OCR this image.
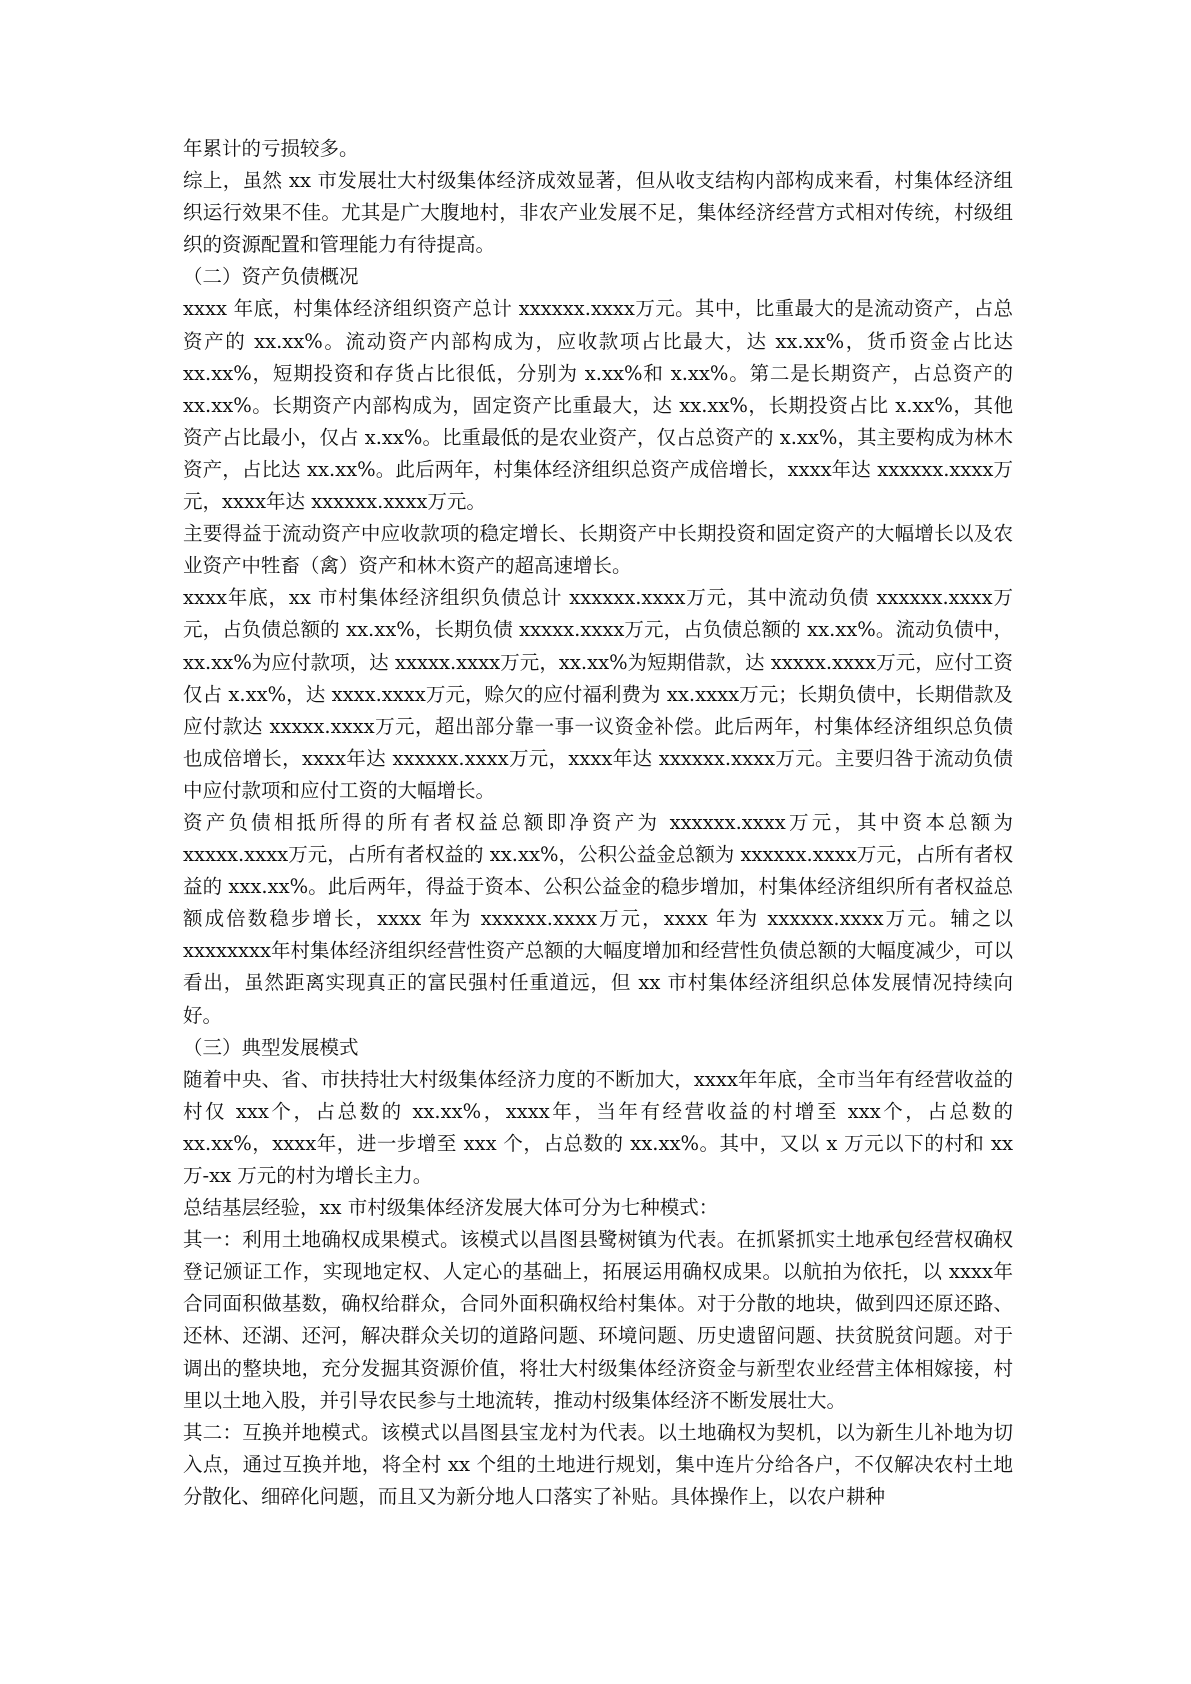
年累计的亏损较多。

综上，虽然 xx 市发展壮大村级集体经济成效显著，但从收支结构内部构成来看，村集体经济组织运行效果不佳。尤其是广大腹地村，非农产业发展不足，集体经济经营方式相对传统，村级组织的资源配置和管理能力有待提高。

（二）资产负债概况

xxxx 年底，村集体经济组织资产总计 xxxxxx.xxxx万元。其中，比重最大的是流动资产，占总资产的 xx.xx%。流动资产内部构成为，应收款项占比最大，达 xx.xx%，货币资金占比达 xx.xx%，短期投资和存货占比很低，分别为 x.xx%和 x.xx%。第二是长期资产，占总资产的 xx.xx%。长期资产内部构成为，固定资产比重最大，达 xx.xx%，长期投资占比 x.xx%，其他资产占比最小，仅占 x.xx%。比重最低的是农业资产，仅占总资产的 x.xx%，其主要构成为林木资产，占比达 xx.xx%。此后两年，村集体经济组织总资产成倍增长，xxxx年达 xxxxxx.xxxx万元，xxxx年达 xxxxxx.xxxx万元。

主要得益于流动资产中应收款项的稳定增长、长期资产中长期投资和固定资产的大幅增长以及农业资产中牲畜（禽）资产和林木资产的超高速增长。

xxxx年底，xx 市村集体经济组织负债总计 xxxxxx.xxxx万元，其中流动负债 xxxxxx.xxxx万元，占负债总额的 xx.xx%，长期负债 xxxxx.xxxx万元，占负债总额的 xx.xx%。流动负债中，xx.xx%为应付款项，达 xxxxx.xxxx万元，xx.xx%为短期借款，达 xxxxx.xxxx万元，应付工资仅占 x.xx%，达 xxxx.xxxx万元，赊欠的应付福利费为 xx.xxxx万元；长期负债中，长期借款及应付款达 xxxxx.xxxx万元，超出部分靠一事一议资金补偿。此后两年，村集体经济组织总负债也成倍增长，xxxx年达 xxxxxx.xxxx万元，xxxx年达 xxxxxx.xxxx万元。主要归咎于流动负债中应付款项和应付工资的大幅增长。

资产负债相抵所得的所有者权益总额即净资产为 xxxxxx.xxxx万元，其中资本总额为 xxxxx.xxxx万元，占所有者权益的 xx.xx%，公积公益金总额为 xxxxxx.xxxx万元，占所有者权益的 xxx.xx%。此后两年，得益于资本、公积公益金的稳步增加，村集体经济组织所有者权益总额成倍数稳步增长，xxxx 年为 xxxxxx.xxxx万元，xxxx 年为 xxxxxx.xxxx万元。辅之以 xxxxxxxx年村集体经济组织经营性资产总额的大幅度增加和经营性负债总额的大幅度减少，可以看出，虽然距离实现真正的富民强村任重道远，但 xx 市村集体经济组织总体发展情况持续向好。

（三）典型发展模式

随着中央、省、市扶持壮大村级集体经济力度的不断加大，xxxx年年底，全市当年有经营收益的村仅 xxx个，占总数的 xx.xx%，xxxx年，当年有经营收益的村增至 xxx个，占总数的 xx.xx%，xxxx年，进一步增至 xxx 个，占总数的 xx.xx%。其中，又以 x 万元以下的村和 xx 万-xx 万元的村为增长主力。

总结基层经验，xx 市村级集体经济发展大体可分为七种模式：

其一：利用土地确权成果模式。该模式以昌图县鹭树镇为代表。在抓紧抓实土地承包经营权确权登记颁证工作，实现地定权、人定心的基础上，拓展运用确权成果。以航拍为依托，以 xxxx年合同面积做基数，确权给群众，合同外面积确权给村集体。对于分散的地块，做到四还原还路、还林、还湖、还河，解决群众关切的道路问题、环境问题、历史遗留问题、扶贫脱贫问题。对于调出的整块地，充分发掘其资源价值，将壮大村级集体经济资金与新型农业经营主体相嫁接，村里以土地入股，并引导农民参与土地流转，推动村级集体经济不断发展壮大。

其二：互换并地模式。该模式以昌图县宝龙村为代表。以土地确权为契机，以为新生儿补地为切入点，通过互换并地，将全村 xx 个组的土地进行规划，集中连片分给各户，不仅解决农村土地分散化、细碎化问题，而且又为新分地人口落实了补贴。具体操作上，以农户耕种
